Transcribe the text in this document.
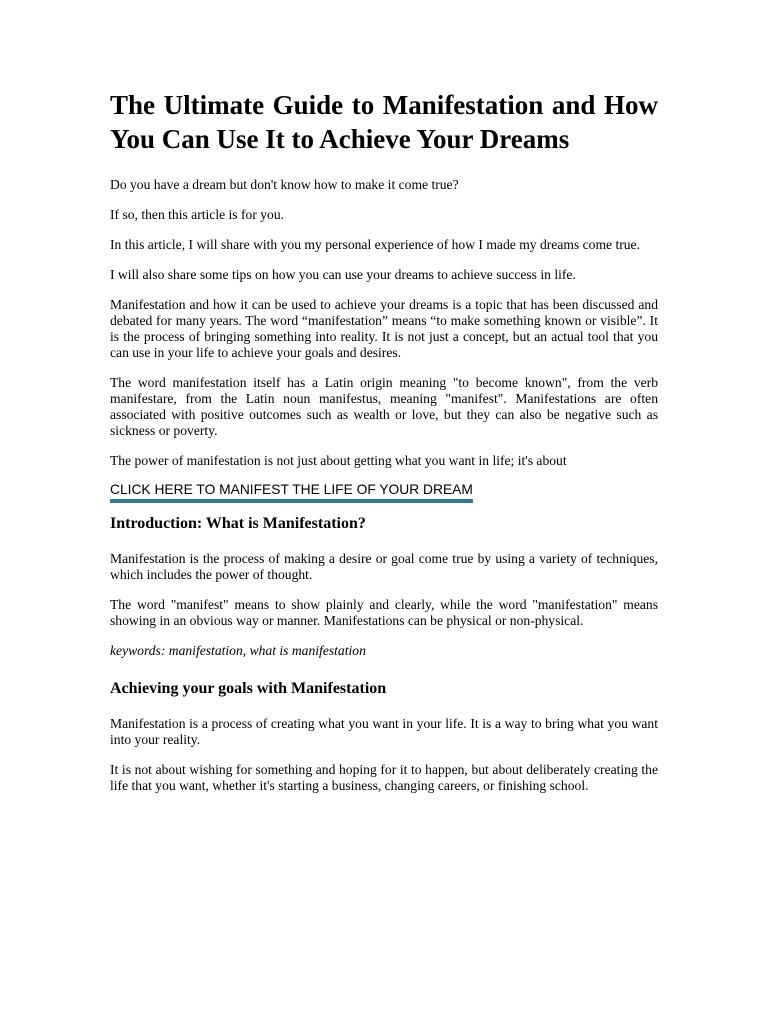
The Ultimate Guide to Manifestation and How You Can Use It to Achieve Your Dreams

Do you have a dream but don't know how to make it come true?

If so, then this article is for you.

In this article, I will share with you my personal experience of how I made my dreams come true.

I will also share some tips on how you can use your dreams to achieve success in life.

Manifestation and how it can be used to achieve your dreams is a topic that has been discussed and debated for many years. The word “manifestation” means “to make something known or visible”. It is the process of bringing something into reality. It is not just a concept, but an actual tool that you can use in your life to achieve your goals and desires.

The word manifestation itself has a Latin origin meaning "to become known", from the verb manifestare, from the Latin noun manifestus, meaning "manifest". Manifestations are often associated with positive outcomes such as wealth or love, but they can also be negative such as sickness or poverty.

The power of manifestation is not just about getting what you want in life; it's about

CLICK HERE TO MANIFEST THE LIFE OF YOUR DREAM
Introduction: What is Manifestation?

Manifestation is the process of making a desire or goal come true by using a variety of techniques, which includes the power of thought.

The word "manifest" means to show plainly and clearly, while the word "manifestation" means showing in an obvious way or manner. Manifestations can be physical or non-physical.

keywords: manifestation, what is manifestation

Achieving your goals with Manifestation

Manifestation is a process of creating what you want in your life. It is a way to bring what you want into your reality.

It is not about wishing for something and hoping for it to happen, but about deliberately creating the life that you want, whether it's starting a business, changing careers, or finishing school.
